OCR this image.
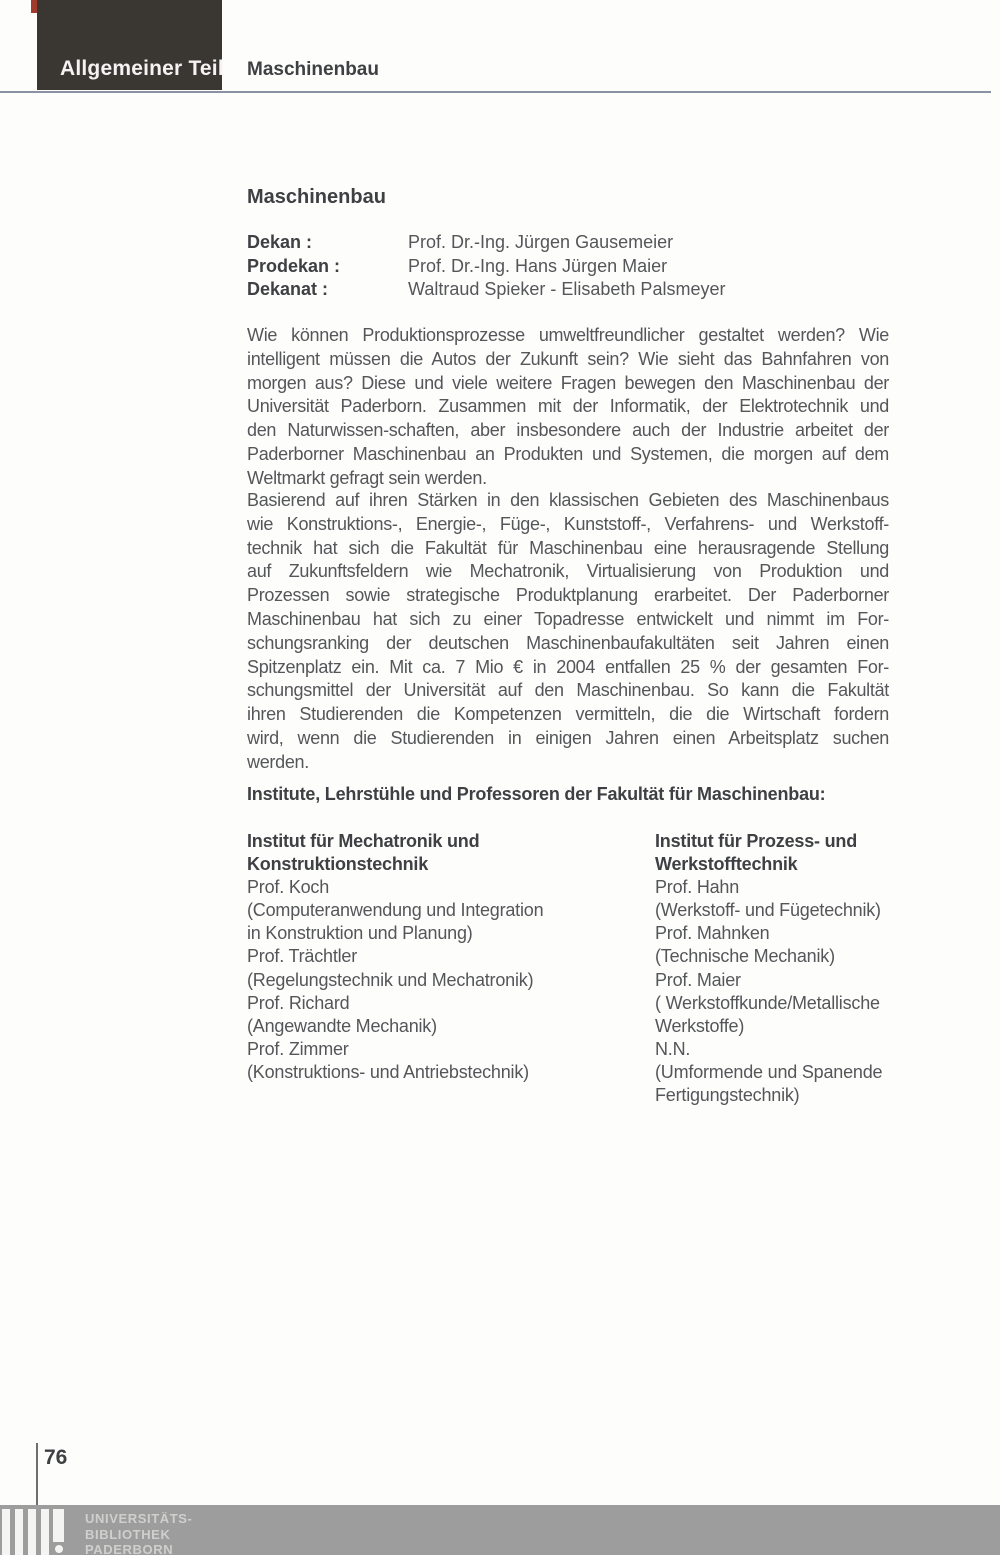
Allgemeiner Teil Maschinenbau
Maschinenbau
Dekan :	Prof. Dr.-Ing. Jürgen Gausemeier
Prodekan :	Prof. Dr.-Ing. Hans Jürgen Maier
Dekanat :	Waltraud Spieker - Elisabeth Palsmeyer
Wie können Produktionsprozesse umweltfreundlicher gestaltet werden? Wie
intelligent müssen die Autos der Zukunft sein? Wie sieht das Bahnfahren von
morgen aus? Diese und viele weitere Fragen bewegen den Maschinenbau der
Universität Paderborn. Zusammen mit der Informatik, der Elektrotechnik und
den Naturwissen-schaften, aber insbesondere auch der Industrie arbeitet der
Paderborner Maschinenbau an Produkten und Systemen, die morgen auf dem
Weltmarkt gefragt sein werden.
Basierend auf ihren Stärken in den klassischen Gebieten des Maschinenbaus
wie Konstruktions-, Energie-, Füge-, Kunststoff-, Verfahrens- und Werkstoff-
technik hat sich die Fakultät für Maschinenbau eine herausragende Stellung
auf Zukunftsfeldern wie Mechatronik, Virtualisierung von Produktion und
Prozessen sowie strategische Produktplanung erarbeitet. Der Paderborner
Maschinenbau hat sich zu einer Topadresse entwickelt und nimmt im For-
schungsranking der deutschen Maschinenbaufakultäten seit Jahren einen
Spitzenplatz ein. Mit ca. 7 Mio € in 2004 entfallen 25 % der gesamten For-
schungsmittel der Universität auf den Maschinenbau. So kann die Fakultät
ihren Studierenden die Kompetenzen vermitteln, die die Wirtschaft fordern
wird, wenn die Studierenden in einigen Jahren einen Arbeitsplatz suchen
werden.
Institute, Lehrstühle und Professoren der Fakultät für Maschinenbau:
Institut für Mechatronik und
Konstruktionstechnik
Prof. Koch
(Computeranwendung und Integration
in Konstruktion und Planung)
Prof. Trächtler
(Regelungstechnik und Mechatronik)
Prof. Richard
(Angewandte Mechanik)
Prof. Zimmer
(Konstruktions- und Antriebstechnik)
Institut für Prozess- und
Werkstofftechnik
Prof. Hahn
(Werkstoff- und Fügetechnik)
Prof. Mahnken
(Technische Mechanik)
Prof. Maier
( Werkstoffkunde/Metallische
Werkstoffe)
N.N.
(Umformende und Spanende
Fertigungstechnik)
76
UNIVERSITÄTS-
BIBLIOTHEK
PADERBORN
